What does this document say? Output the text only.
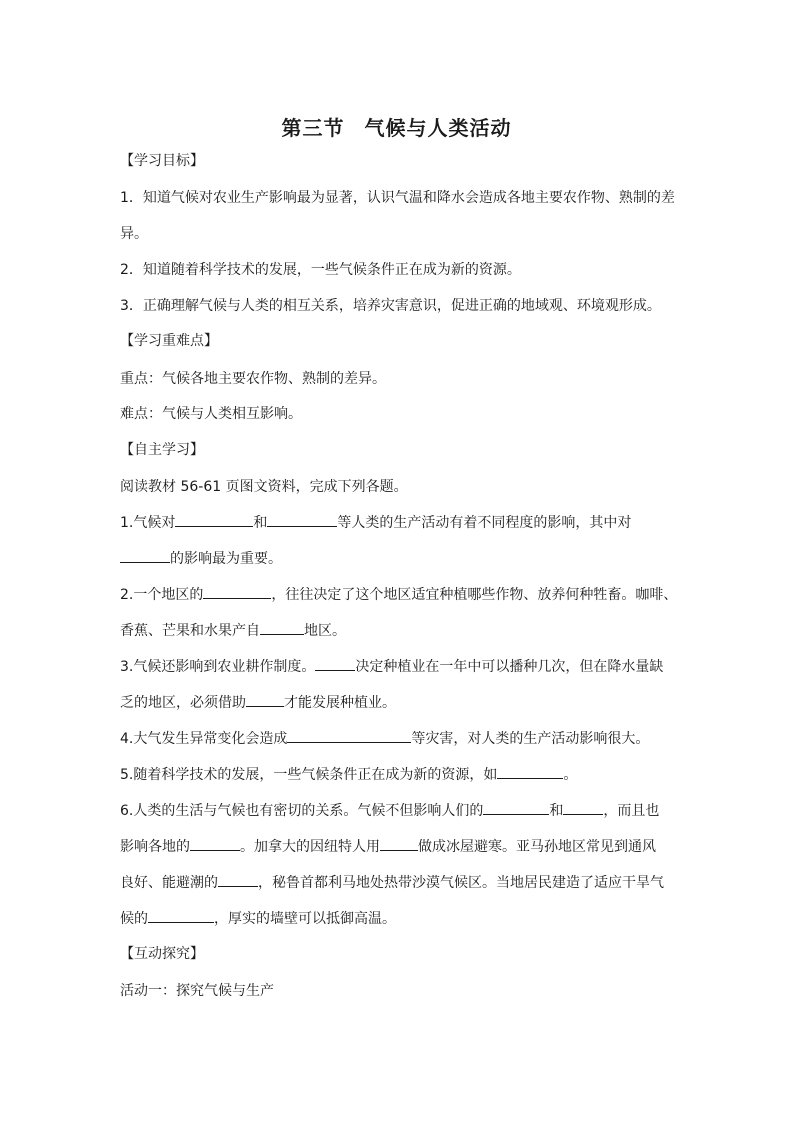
第三节 气候与人类活动
【学习目标】
1．知道气候对农业生产影响最为显著，认识气温和降水会造成各地主要农作物、熟制的差
异。
2．知道随着科学技术的发展，一些气候条件正在成为新的资源。
3．正确理解气候与人类的相互关系，培养灾害意识，促进正确的地域观、环境观形成。
【学习重难点】
重点：气候各地主要农作物、熟制的差异。
难点：气候与人类相互影响。
【自主学习】
阅读教材 56-61 页图文资料，完成下列各题。
1.气候对	和	等人类的生产活动有着不同程度的影响，其中对
的影响最为重要。
2.一个地区的	，往往决定了这个地区适宜种植哪些作物、放养何种牲畜。咖啡、
香蕉、芒果和水果产自	地区。
3.气候还影响到农业耕作制度。	决定种植业在一年中可以播种几次，但在降水量缺
乏的地区，必须借助	才能发展种植业。
4.大气发生异常变化会造成	等灾害，对人类的生产活动影响很大。
5.随着科学技术的发展，一些气候条件正在成为新的资源，如	。
6.人类的生活与气候也有密切的关系。气候不但影响人们的	和	，而且也
影响各地的	。加拿大的因纽特人用	做成冰屋避寒。亚马孙地区常见到通风
良好、能避潮的	，秘鲁首都利马地处热带沙漠气候区。当地居民建造了适应干旱气
候的	，厚实的墙壁可以抵御高温。
【互动探究】
活动一：探究气候与生产
